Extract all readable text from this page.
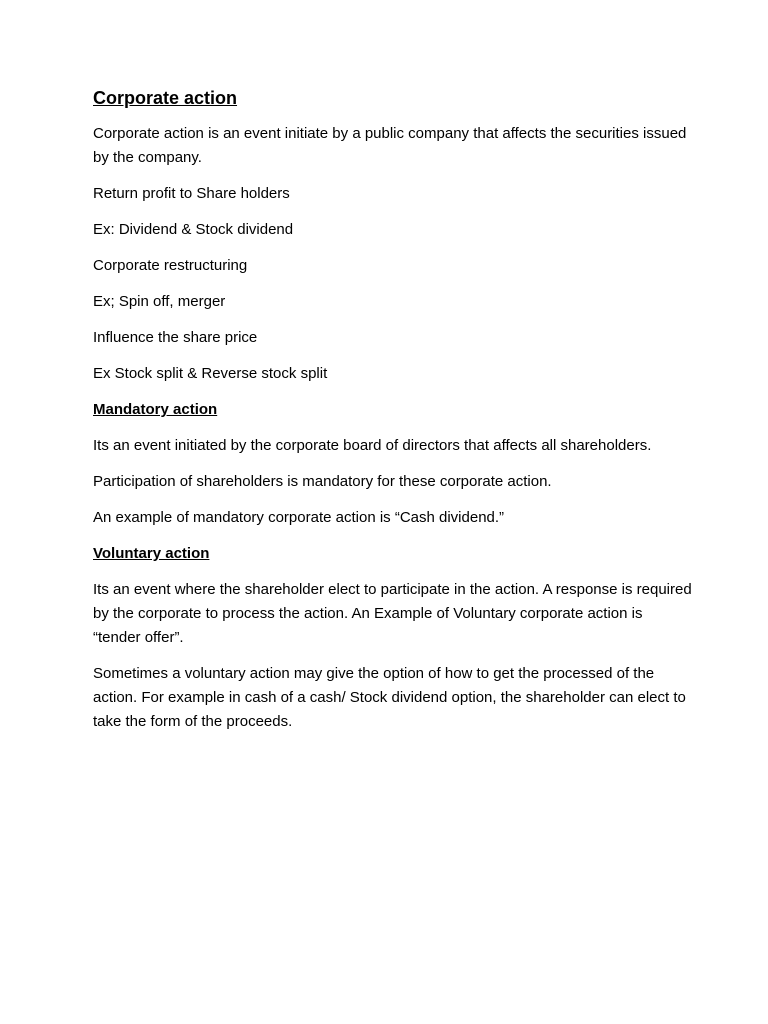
Corporate action
Corporate action is an event initiate by a public company that affects the securities issued by the company.
Return profit to Share holders
Ex: Dividend & Stock dividend
Corporate restructuring
Ex; Spin off, merger
Influence the share price
Ex Stock split & Reverse stock split
Mandatory action
Its an event initiated by the corporate board of directors that affects all shareholders.
Participation of shareholders is mandatory for these corporate action.
An example of mandatory corporate action is “Cash dividend.”
Voluntary action
Its an event where the shareholder elect to participate in the action. A response is required by the corporate to process the action. An Example of Voluntary corporate action is “tender offer”.
Sometimes a voluntary action may give the option of how to get the processed of the action. For example in cash of a cash/ Stock dividend option, the shareholder can elect to take the form of the proceeds.
